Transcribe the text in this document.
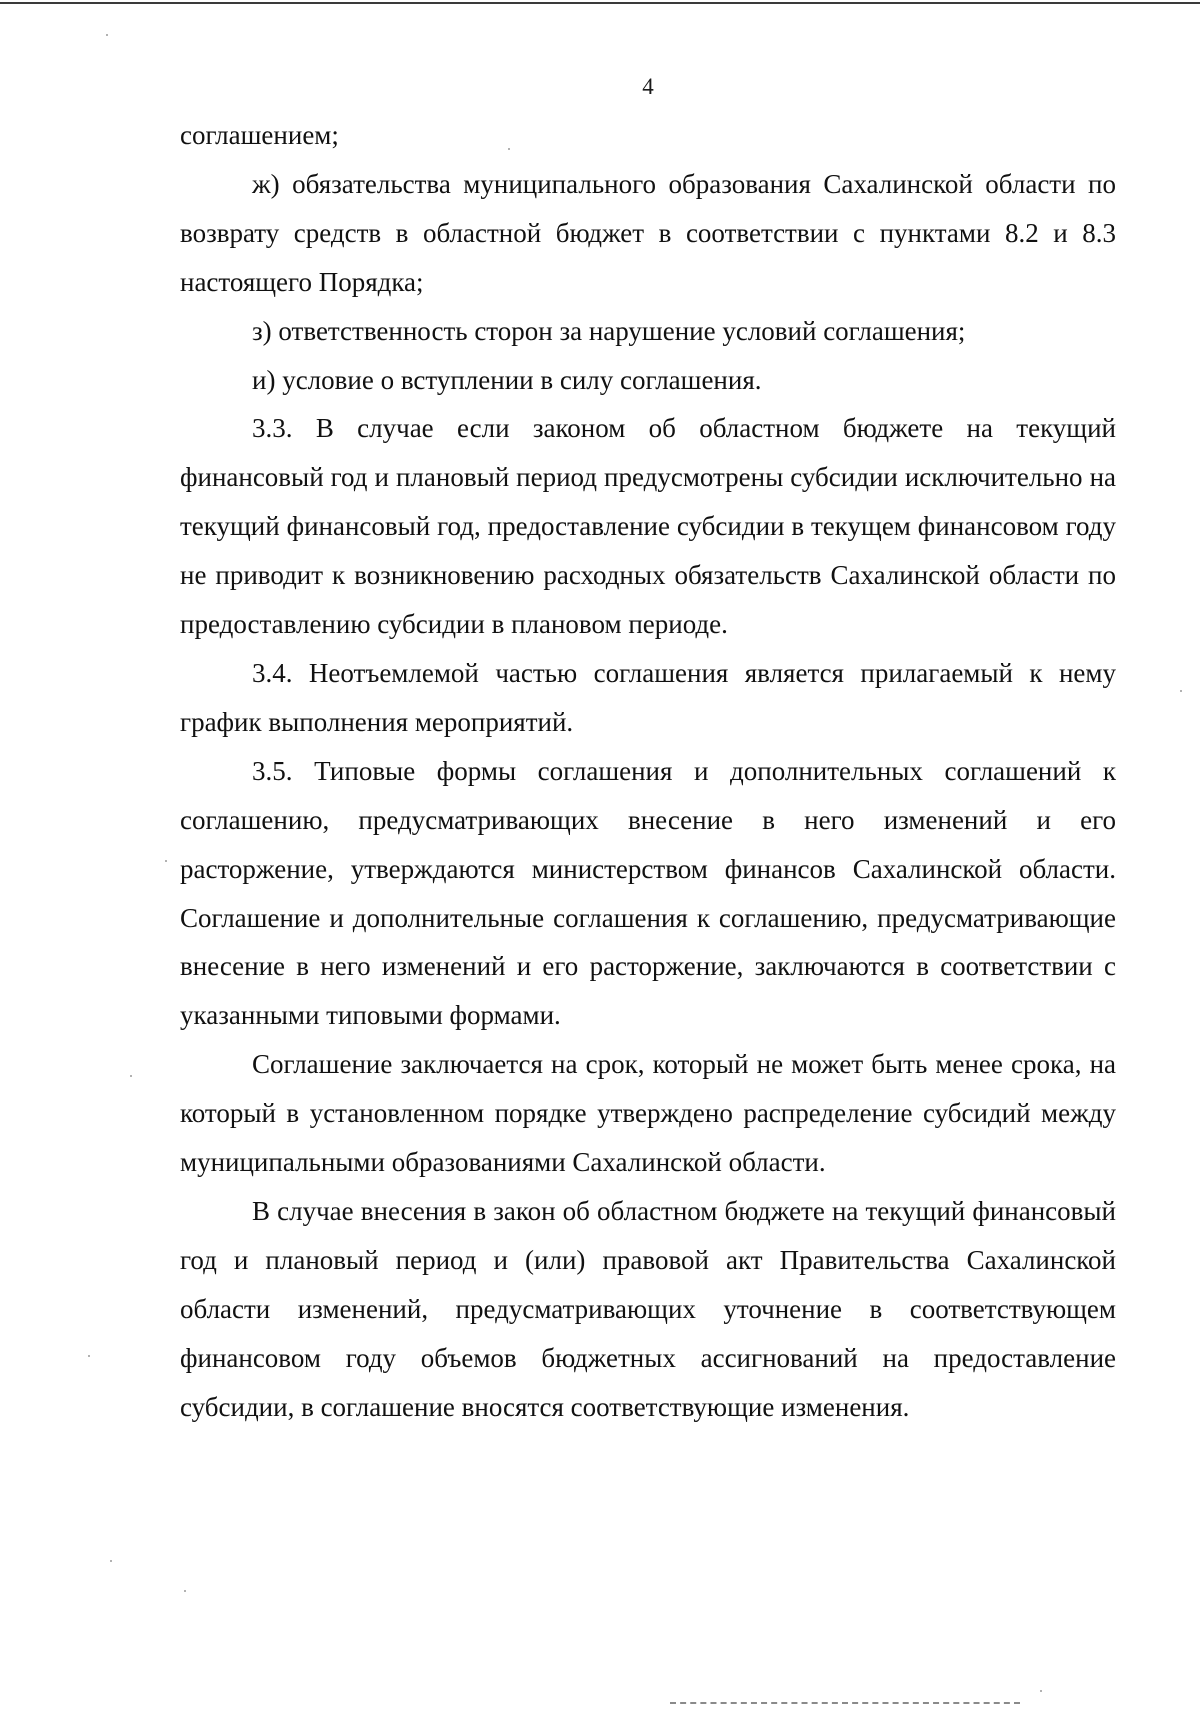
4

соглашением;

ж) обязательства муниципального образования Сахалинской области по возврату средств в областной бюджет в соответствии с пунктами 8.2 и 8.3 настоящего Порядка;

з) ответственность сторон за нарушение условий соглашения;

и) условие о вступлении в силу соглашения.

3.3. В случае если законом об областном бюджете на текущий финансовый год и плановый период предусмотрены субсидии исключительно на текущий финансовый год, предоставление субсидии в текущем финансовом году не приводит к возникновению расходных обязательств Сахалинской области по предоставлению субсидии в плановом периоде.

3.4. Неотъемлемой частью соглашения является прилагаемый к нему график выполнения мероприятий.

3.5. Типовые формы соглашения и дополнительных соглашений к соглашению, предусматривающих внесение в него изменений и его расторжение, утверждаются министерством финансов Сахалинской области. Соглашение и дополнительные соглашения к соглашению, предусматривающие внесение в него изменений и его расторжение, заключаются в соответствии с указанными типовыми формами.

Соглашение заключается на срок, который не может быть менее срока, на который в установленном порядке утверждено распределение субсидий между муниципальными образованиями Сахалинской области.

В случае внесения в закон об областном бюджете на текущий финансовый год и плановый период и (или) правовой акт Правительства Сахалинской области изменений, предусматривающих уточнение в соответствующем финансовом году объемов бюджетных ассигнований на предоставление субсидии, в соглашение вносятся соответствующие изменения.
